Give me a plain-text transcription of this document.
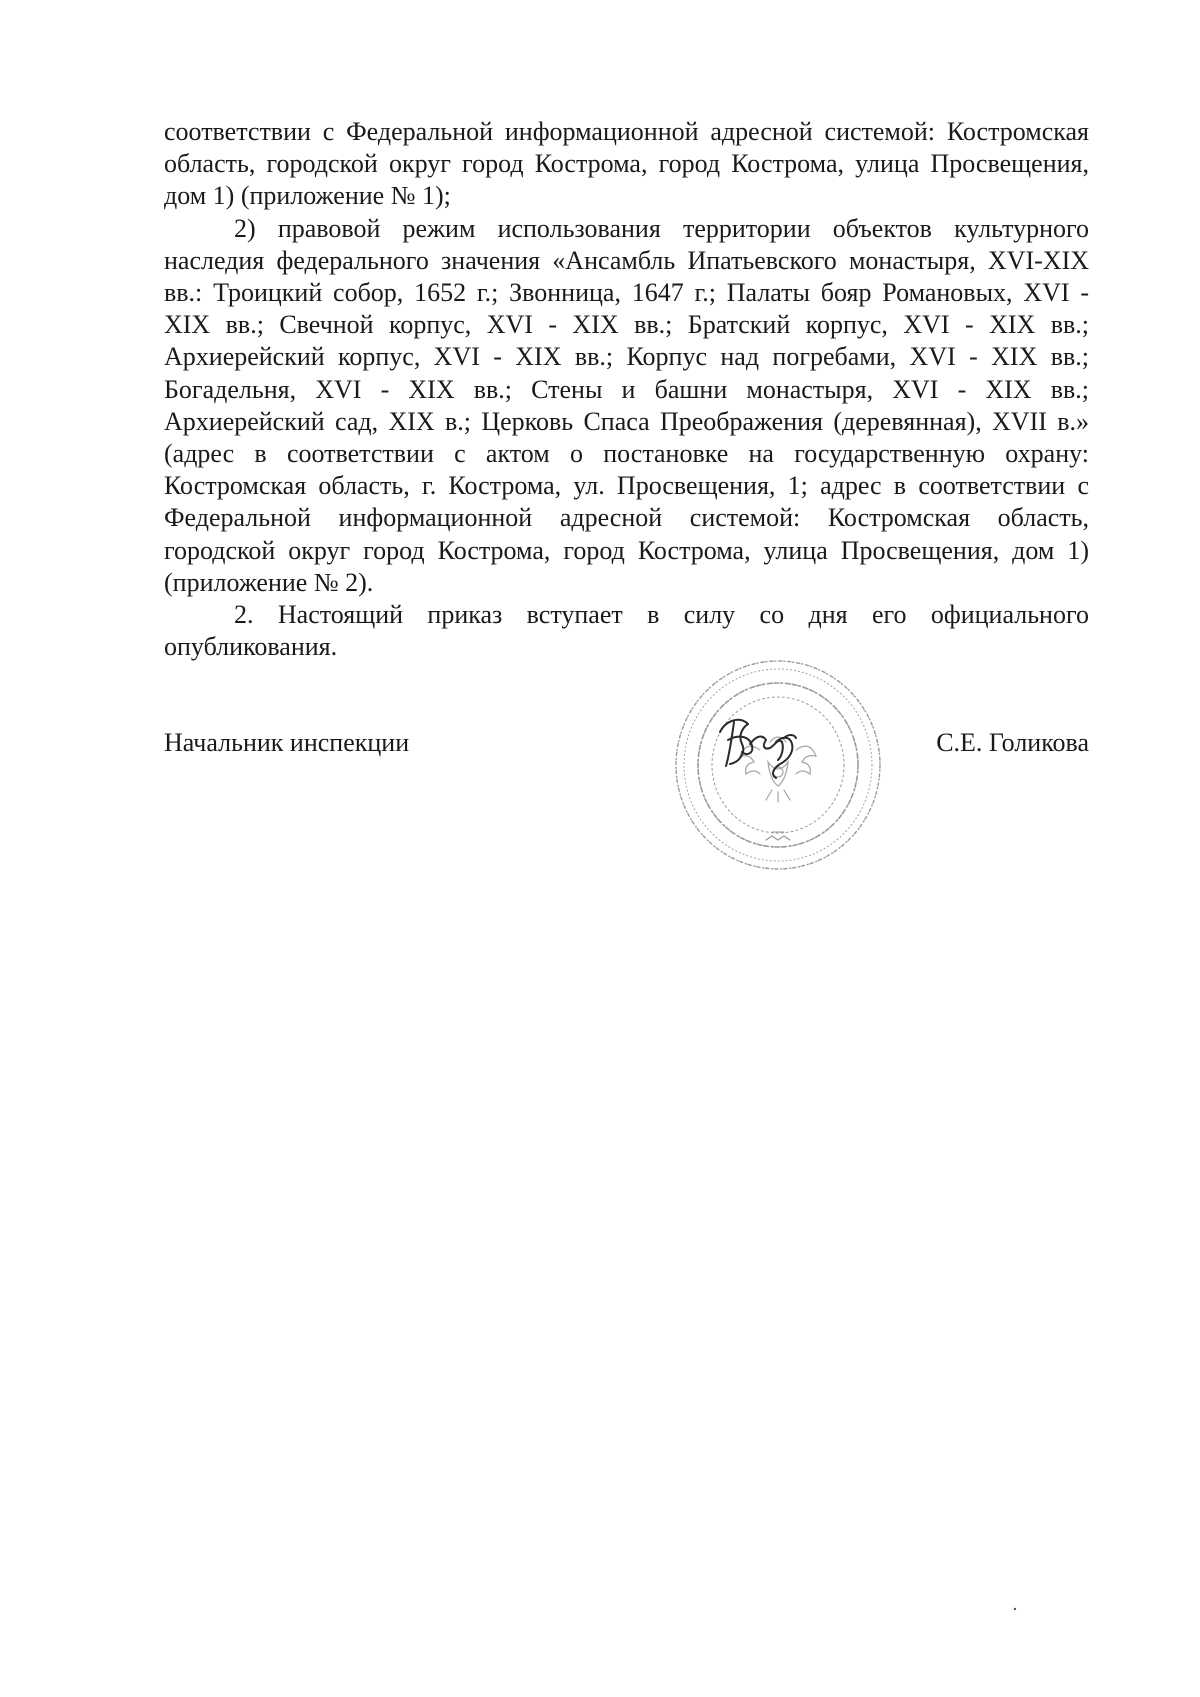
соответствии с Федеральной информационной адресной системой: Костромская область, городской округ город Кострома, город Кострома, улица Просвещения, дом 1) (приложение № 1);

2) правовой режим использования территории объектов культурного наследия федерального значения «Ансамбль Ипатьевского монастыря, XVI-XIX вв.: Троицкий собор, 1652 г.; Звонница, 1647 г.; Палаты бояр Романовых, XVI - XIX вв.; Свечной корпус, XVI - XIX вв.; Братский корпус, XVI - XIX вв.; Архиерейский корпус, XVI - XIX вв.; Корпус над погребами, XVI - XIX вв.; Богадельня, XVI - XIX вв.; Стены и башни монастыря, XVI - XIX вв.; Архиерейский сад, XIX в.; Церковь Спаса Преображения (деревянная), XVII в.» (адрес в соответствии с актом о постановке на государственную охрану: Костромская область, г. Кострома, ул. Просвещения, 1; адрес в соответствии с Федеральной информационной адресной системой: Костромская область, городской округ город Кострома, город Кострома, улица Просвещения, дом 1) (приложение № 2).

2. Настоящий приказ вступает в силу со дня его официального опубликования.

Начальник инспекции	С.Е. Голикова
